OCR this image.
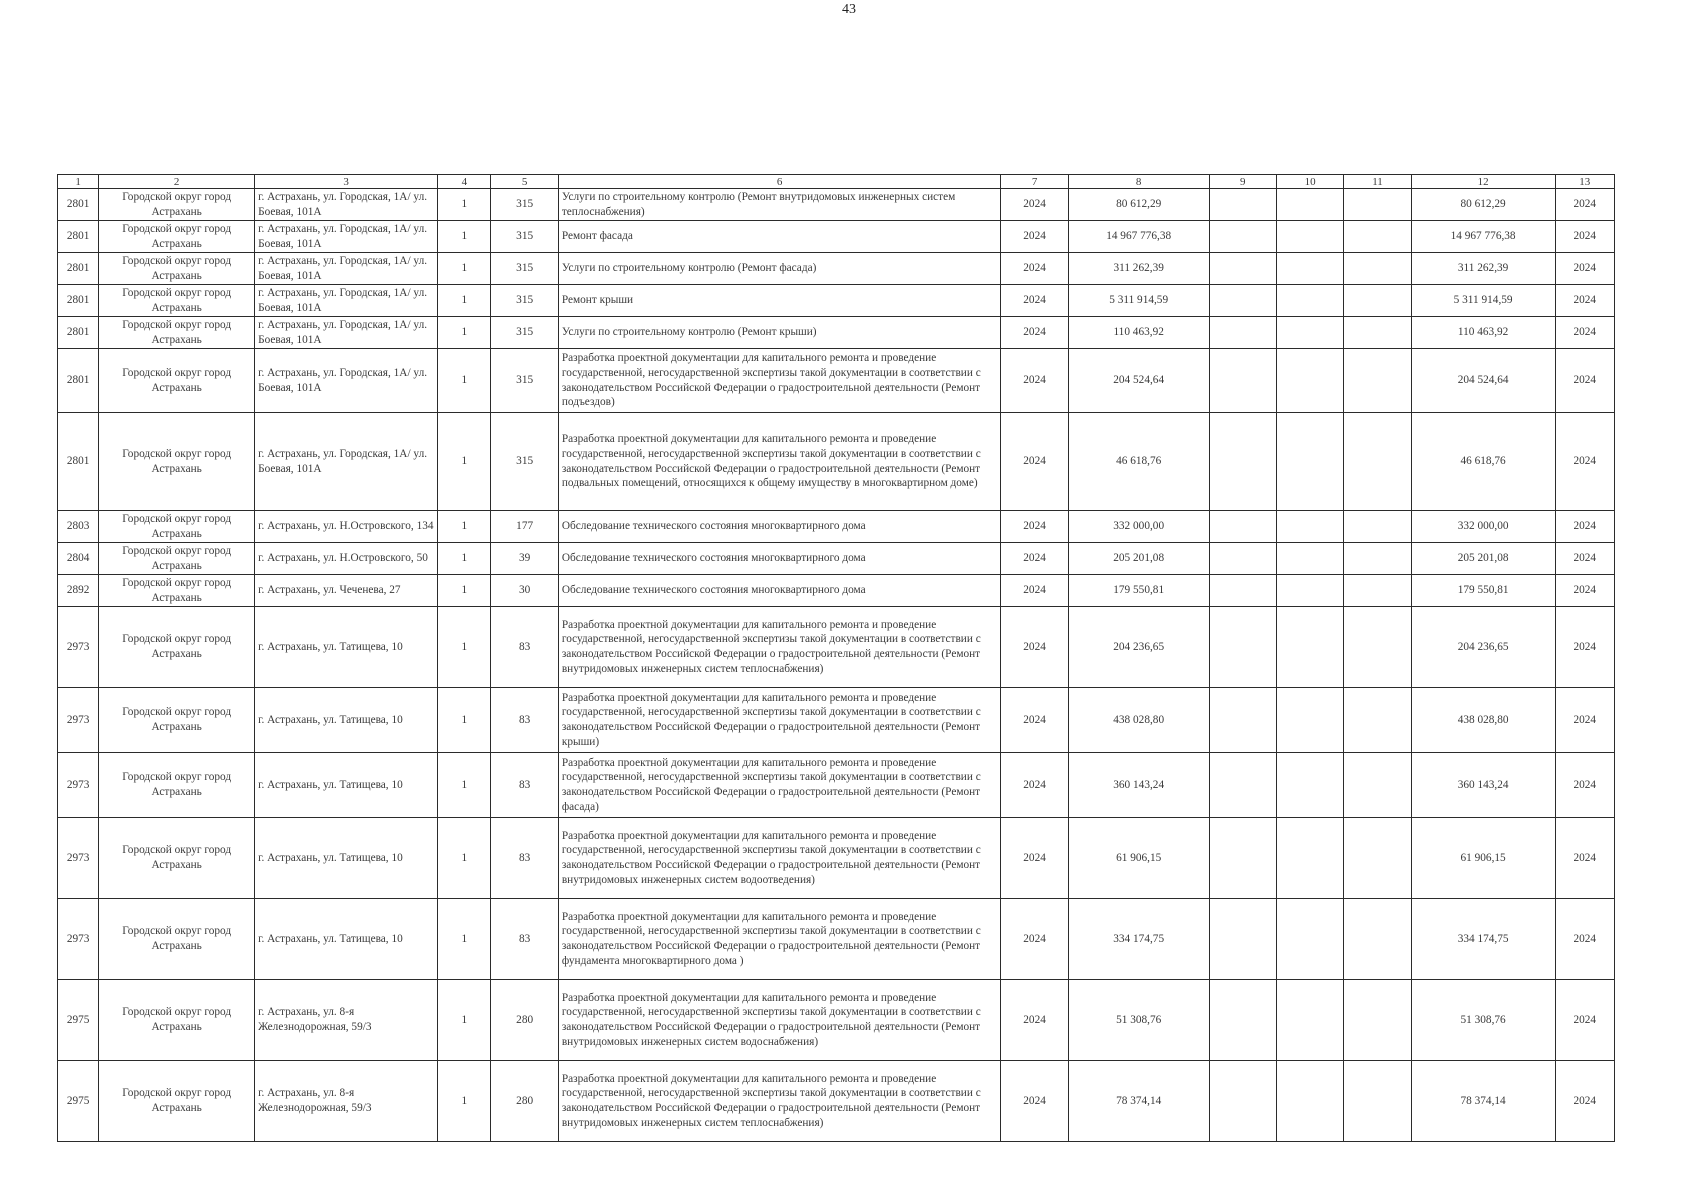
43
1	2	3	4	5	6	7	8	9	10	11	12	13
2801	Городской округ город Астрахань	г. Астрахань, ул. Городская, 1А/ ул. Боевая, 101А	1	315	Услуги по строительному контролю (Ремонт внутридомовых инженерных систем теплоснабжения)	2024	80 612,29				80 612,29	2024
2801	Городской округ город Астрахань	г. Астрахань, ул. Городская, 1А/ ул. Боевая, 101А	1	315	Ремонт фасада	2024	14 967 776,38				14 967 776,38	2024
2801	Городской округ город Астрахань	г. Астрахань, ул. Городская, 1А/ ул. Боевая, 101А	1	315	Услуги по строительному контролю (Ремонт фасада)	2024	311 262,39				311 262,39	2024
2801	Городской округ город Астрахань	г. Астрахань, ул. Городская, 1А/ ул. Боевая, 101А	1	315	Ремонт крыши	2024	5 311 914,59				5 311 914,59	2024
2801	Городской округ город Астрахань	г. Астрахань, ул. Городская, 1А/ ул. Боевая, 101А	1	315	Услуги по строительному контролю (Ремонт крыши)	2024	110 463,92				110 463,92	2024
2801	Городской округ город Астрахань	г. Астрахань, ул. Городская, 1А/ ул. Боевая, 101А	1	315	Разработка проектной документации для капитального ремонта и проведение государственной, негосударственной экспертизы такой документации в соответствии с законодательством Российской Федерации о градостроительной деятельности (Ремонт подъездов)	2024	204 524,64				204 524,64	2024
2801	Городской округ город Астрахань	г. Астрахань, ул. Городская, 1А/ ул. Боевая, 101А	1	315	Разработка проектной документации для капитального ремонта и проведение государственной, негосударственной экспертизы такой документации в соответствии с законодательством Российской Федерации о градостроительной деятельности (Ремонт подвальных помещений, относящихся к общему имуществу в многоквартирном доме)	2024	46 618,76				46 618,76	2024
2803	Городской округ город Астрахань	г. Астрахань, ул. Н.Островского, 134	1	177	Обследование технического состояния многоквартирного дома	2024	332 000,00				332 000,00	2024
2804	Городской округ город Астрахань	г. Астрахань, ул. Н.Островского, 50	1	39	Обследование технического состояния многоквартирного дома	2024	205 201,08				205 201,08	2024
2892	Городской округ город Астрахань	г. Астрахань, ул. Чеченева, 27	1	30	Обследование технического состояния многоквартирного дома	2024	179 550,81				179 550,81	2024
2973	Городской округ город Астрахань	г. Астрахань, ул. Татищева, 10	1	83	Разработка проектной документации для капитального ремонта и проведение государственной, негосударственной экспертизы такой документации в соответствии с законодательством Российской Федерации о градостроительной деятельности (Ремонт внутридомовых инженерных систем теплоснабжения)	2024	204 236,65				204 236,65	2024
2973	Городской округ город Астрахань	г. Астрахань, ул. Татищева, 10	1	83	Разработка проектной документации для капитального ремонта и проведение государственной, негосударственной экспертизы такой документации в соответствии с законодательством Российской Федерации о градостроительной деятельности (Ремонт крыши)	2024	438 028,80				438 028,80	2024
2973	Городской округ город Астрахань	г. Астрахань, ул. Татищева, 10	1	83	Разработка проектной документации для капитального ремонта и проведение государственной, негосударственной экспертизы такой документации в соответствии с законодательством Российской Федерации о градостроительной деятельности (Ремонт фасада)	2024	360 143,24				360 143,24	2024
2973	Городской округ город Астрахань	г. Астрахань, ул. Татищева, 10	1	83	Разработка проектной документации для капитального ремонта и проведение государственной, негосударственной экспертизы такой документации в соответствии с законодательством Российской Федерации о градостроительной деятельности (Ремонт внутридомовых инженерных систем водоотведения)	2024	61 906,15				61 906,15	2024
2973	Городской округ город Астрахань	г. Астрахань, ул. Татищева, 10	1	83	Разработка проектной документации для капитального ремонта и проведение государственной, негосударственной экспертизы такой документации в соответствии с законодательством Российской Федерации о градостроительной деятельности (Ремонт фундамента многоквартирного дома )	2024	334 174,75				334 174,75	2024
2975	Городской округ город Астрахань	г. Астрахань, ул. 8-я Железнодорожная, 59/3	1	280	Разработка проектной документации для капитального ремонта и проведение государственной, негосударственной экспертизы такой документации в соответствии с законодательством Российской Федерации о градостроительной деятельности (Ремонт внутридомовых инженерных систем водоснабжения)	2024	51 308,76				51 308,76	2024
2975	Городской округ город Астрахань	г. Астрахань, ул. 8-я Железнодорожная, 59/3	1	280	Разработка проектной документации для капитального ремонта и проведение государственной, негосударственной экспертизы такой документации в соответствии с законодательством Российской Федерации о градостроительной деятельности (Ремонт внутридомовых инженерных систем теплоснабжения)	2024	78 374,14				78 374,14	2024
